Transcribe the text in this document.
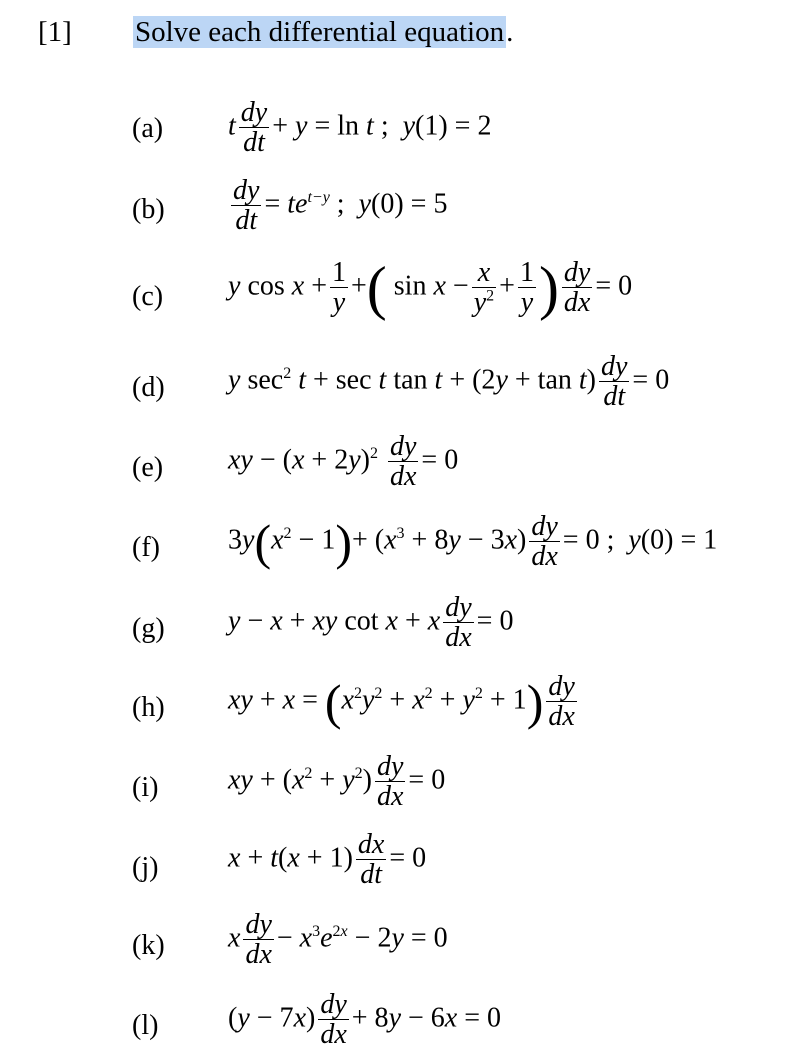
[1] Solve each differential equation.
(a) t $\frac{dy}{dt} + y = \ln t$ ;  y(1) = 2
$(b) \frac{dy}{dt} = te^{t-y}$ ;  y(0) = 5
(c) y $\cos x + \frac{1}{y}$ +( $\sin x - \frac{x}{y^2} + \frac{1}{y}$ ) $\frac{dy}{dx} = 0$
(d) y $\sec^2 t + \sec t$ $\tan t + (2y + \tan t) \frac{dy}{dt} = 0$
(e) xy − $(x + 2y)^2 \frac{dy}{dx} = 0$
(f) $3y(x^2 - 1)+ (x^3 + 8y - 3x) \frac{dy}{dx} = 0$ ;  y(0) = 1
(g) y − x + xy cot x + x $\frac{dy}{dx} = 0$
(h) xy + $x = (x^2y^2 + x^2 + y^2 + 1) \frac{dy}{dx}$
(i) xy + $(x^2 + y^2) \frac{dy}{dx} = 0$
(j) $x + t(x + 1) \frac{dx}{dt} = 0$
(k) x $\frac{dy}{dx} - x^3e^{2x} - 2y = 0$
(l) $(y - 7x) \frac{dy}{dx} + 8y - 6x = 0$
